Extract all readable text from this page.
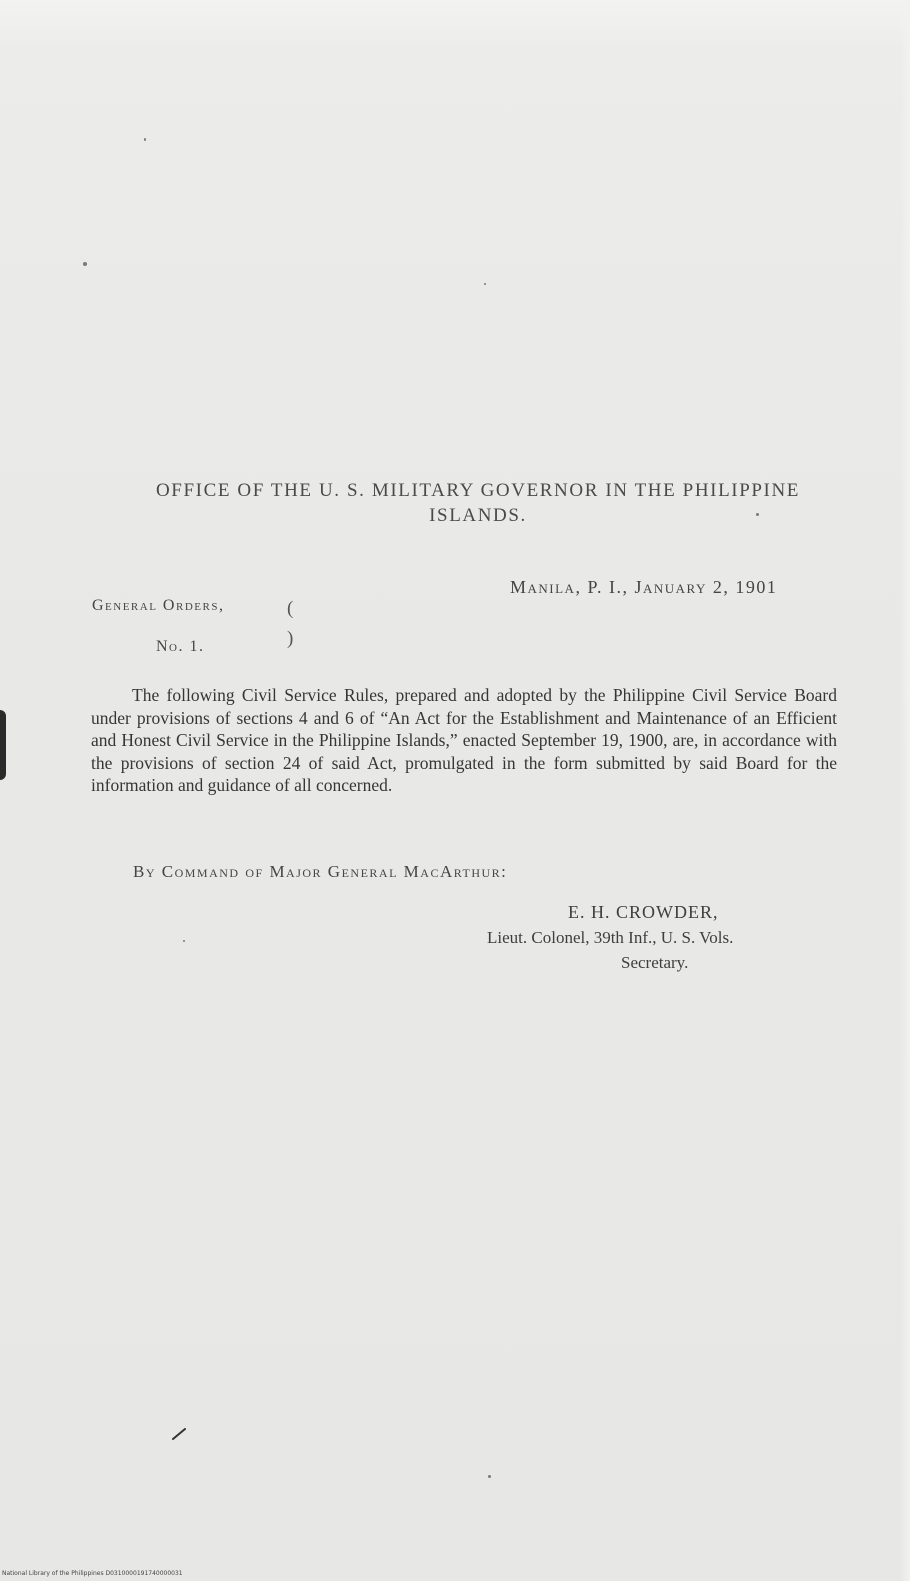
OFFICE OF THE U. S. MILITARY GOVERNOR IN THE PHILIPPINE
ISLANDS.
Manila, P. I., January 2, 1901
General Orders,
No. 1.
(
)

The following Civil Service Rules, prepared and adopted by the Philippine Civil Service Board under provisions of sections 4 and 6 of “An Act for the Establishment and Maintenance of an Efficient and Honest Civil Service in the Philippine Islands,” enacted September 19, 1900, are, in accordance with the provisions of section 24 of said Act, promulgated in the form submitted by said Board for the information and guidance of all concerned.

By Command of Major General MacArthur:
E. H. CROWDER,
Lieut. Colonel, 39th Inf., U. S. Vols.
Secretary.
National Library of the Philippines D0310000191740000031
